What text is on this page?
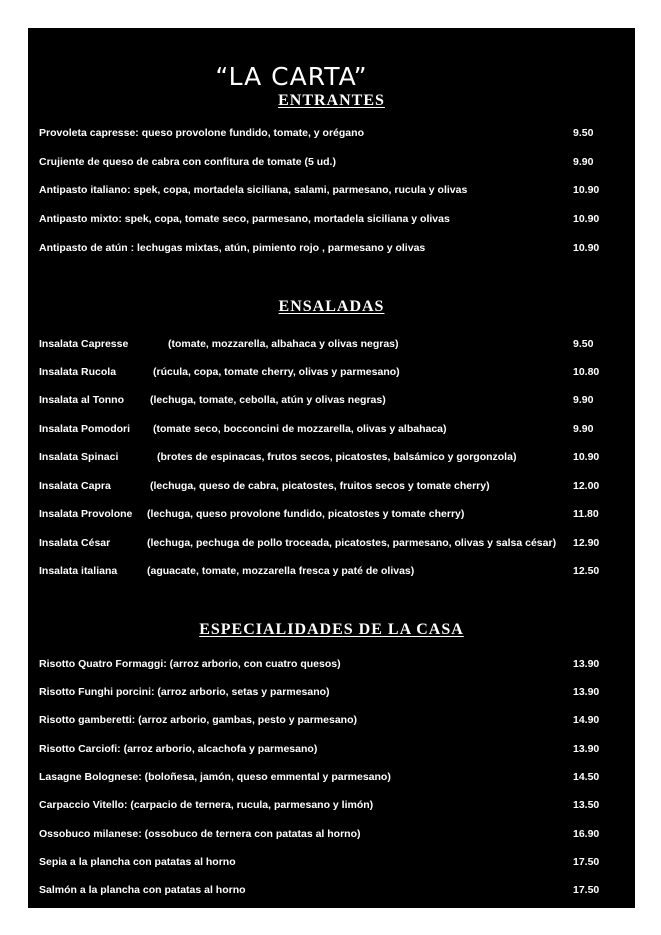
“LA CARTA”
ENTRANTES
Provoleta capresse: queso provolone fundido, tomate, y orégano	9.50
Crujiente de queso de cabra con confitura de tomate (5 ud.)	9.90
Antipasto italiano: spek, copa, mortadela siciliana, salami, parmesano, rucula y olivas	10.90
Antipasto mixto: spek, copa, tomate seco, parmesano, mortadela siciliana y olivas	10.90
Antipasto de atún : lechugas mixtas, atún, pimiento rojo , parmesano y olivas	10.90
ENSALADAS
Insalata Capresse	(tomate, mozzarella, albahaca y olivas negras)	9.50
Insalata Rucola	(rúcula, copa, tomate cherry, olivas y parmesano)	10.80
Insalata al Tonno (lechuga, tomate, cebolla, atún y olivas negras)	9.90
Insalata Pomodori (tomate seco, bocconcini de mozzarella, olivas y albahaca)	9.90
Insalata Spinaci	(brotes de espinacas, frutos secos, picatostes, balsámico y gorgonzola)	10.90
Insalata Capra	(lechuga, queso de cabra, picatostes, fruitos secos y tomate cherry)	12.00
Insalata Provolone (lechuga, queso provolone fundido, picatostes y tomate cherry)	11.80
Insalata César	(lechuga, pechuga de pollo troceada, picatostes, parmesano, olivas y salsa césar)	12.90
Insalata italiana	(aguacate, tomate, mozzarella fresca y paté de olivas)	12.50
ESPECIALIDADES DE LA CASA
Risotto Quatro Formaggi: (arroz arborio, con cuatro quesos)	13.90
Risotto Funghi porcini: (arroz arborio, setas y parmesano)	13.90
Risotto gamberetti: (arroz arborio, gambas, pesto y parmesano)	14.90
Risotto Carciofi: (arroz arborio, alcachofa y parmesano)	13.90
Lasagne Bolognese: (boloñesa, jamón, queso emmental y parmesano)	14.50
Carpaccio Vitello: (carpacio de ternera, rucula, parmesano y limón)	13.50
Ossobuco milanese: (ossobuco de ternera con patatas al horno)	16.90
Sepia a la plancha con patatas al horno	17.50
Salmón a la plancha con patatas al horno	17.50
